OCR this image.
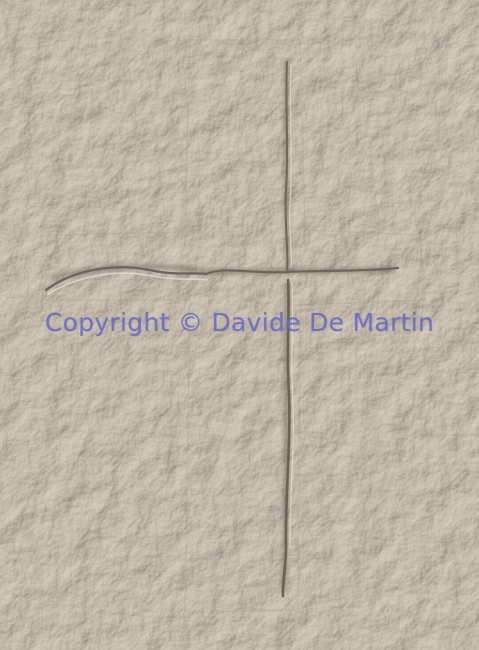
Copyright © Davide De Martin
